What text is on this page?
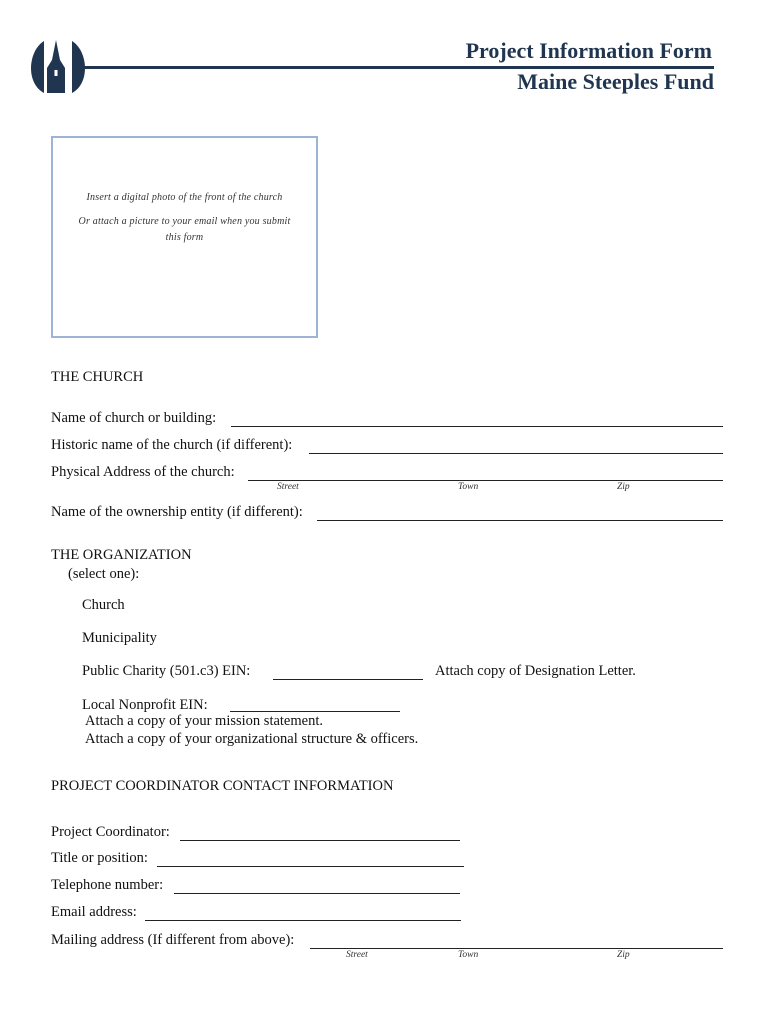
Project Information Form
Maine Steeples Fund
Insert a digital photo of the front of the church
Or attach a picture to your email when you submit
this form
THE CHURCH
Name of church or building:
Historic name of the church (if different):
Physical Address of the church:
Street	Town	Zip
Name of the ownership entity (if different):
THE ORGANIZATION
(select one):
Church
Municipality
Public Charity (501.c3) EIN:	Attach copy of Designation Letter.
Local Nonprofit EIN:
Attach a copy of your mission statement.
Attach a copy of your organizational structure & officers.
PROJECT COORDINATOR CONTACT INFORMATION
Project Coordinator:
Title or position:
Telephone number:
Email address:
Mailing address (If different from above):
Street	Town	Zip
